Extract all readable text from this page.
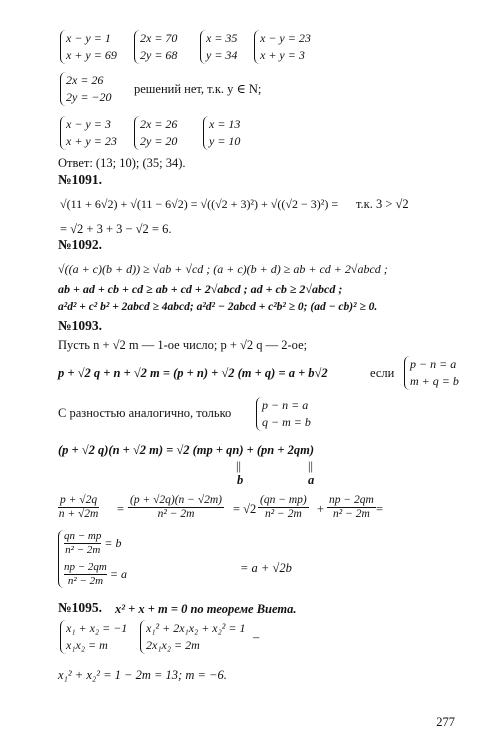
x − y = 1
x + y = 69
2x = 70
2y = 68
x = 35
y = 34
x − y = 23
x + y = 3
2x = 26
2y = −20
решений нет, т.к. y ∈ N;
x − y = 3
x + y = 23
2x = 26
2y = 20
x = 13
y = 10
Ответ: (13; 10); (35; 34).
№1091.
√(11 + 6√2) + √(11 − 6√2) = √((√2 + 3)²) + √((√2 − 3)²) = т.к. 3 > √2
= √2 + 3 + 3 − √2 = 6.
№1092.
√((a + c)(b + d)) ≥ √ab + √cd ; (a + c)(b + d) ≥ ab + cd + 2√abcd ;
ab + ad + cb + cd ≥ ab + cd + 2√abcd ; ad + cb ≥ 2√abcd ;
a²d² + c² b² + 2abcd ≥ 4abcd; a²d² − 2abcd + c²b² ≥ 0; (ad − cb)² ≥ 0.
№1093.
Пусть n + √2 m — 1-ое число; p + √2 q — 2-ое;
p + √2 q + n + √2 m = (p + n) + √2 (m + q) = a + b√2	если
p − n = a
m + q = b
С разностью аналогично, только
p − n = a
q − m = b
(p + √2 q)(n + √2 m) = √2 (mp + qn) + (pn + 2qm)
||	||
b	a
$\frac{p + √2q}{n + √2m} = \frac{(p + √2q)(n - √2m)}{\text{n² − 2m}} = √2 \frac{(qn - mp)}{\text{n² − 2m}} + \frac{np - 2qm}{\text{n² − 2m}}$ =
$\frac{qn - mp}{\text{n² − 2m}} = b$
$\frac{np - 2qm}{\text{n² − 2m}} = a$	= a + √2b
№1095. x² + x + m = 0 по теореме Виета.
x₁ + x₂ = −1
x₁x₂ = m
x₁² + 2x₁x₂ + x₂² = 1
2x₁x₂ = 2m
–
x₁² + x₂² = 1 − 2m = 13; m = −6.
277
